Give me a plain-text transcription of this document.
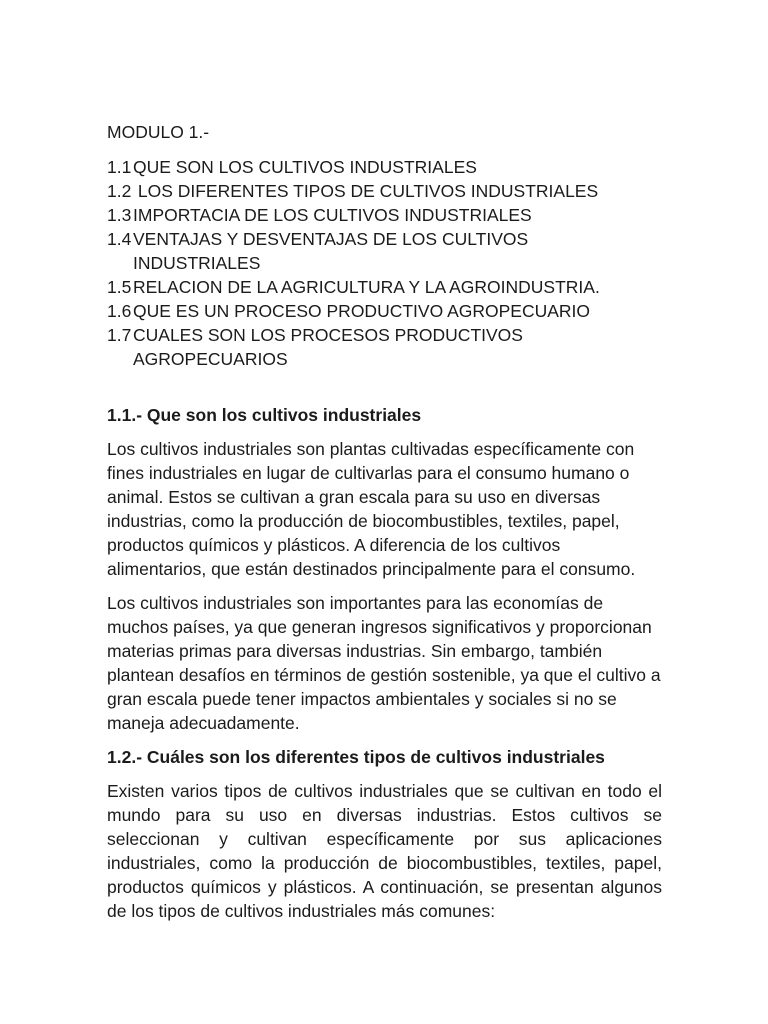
MODULO 1.-
1.1 QUE SON LOS CULTIVOS INDUSTRIALES
1.2 LOS DIFERENTES TIPOS DE CULTIVOS INDUSTRIALES
1.3 IMPORTACIA DE LOS CULTIVOS INDUSTRIALES
1.4 VENTAJAS Y DESVENTAJAS DE LOS CULTIVOS INDUSTRIALES
1.5 RELACION DE LA AGRICULTURA Y LA AGROINDUSTRIA.
1.6 QUE ES UN PROCESO PRODUCTIVO AGROPECUARIO
1.7 CUALES SON LOS PROCESOS PRODUCTIVOS AGROPECUARIOS
1.1.- Que son los cultivos industriales

Los cultivos industriales son plantas cultivadas específicamente con fines industriales en lugar de cultivarlas para el consumo humano o animal. Estos se cultivan a gran escala para su uso en diversas industrias, como la producción de biocombustibles, textiles, papel, productos químicos y plásticos. A diferencia de los cultivos alimentarios, que están destinados principalmente para el consumo.

Los cultivos industriales son importantes para las economías de muchos países, ya que generan ingresos significativos y proporcionan materias primas para diversas industrias. Sin embargo, también plantean desafíos en términos de gestión sostenible, ya que el cultivo a gran escala puede tener impactos ambientales y sociales si no se maneja adecuadamente.

1.2.- Cuáles son los diferentes tipos de cultivos industriales

Existen varios tipos de cultivos industriales que se cultivan en todo el mundo para su uso en diversas industrias. Estos cultivos se seleccionan y cultivan específicamente por sus aplicaciones industriales, como la producción de biocombustibles, textiles, papel, productos químicos y plásticos. A continuación, se presentan algunos de los tipos de cultivos industriales más comunes:
